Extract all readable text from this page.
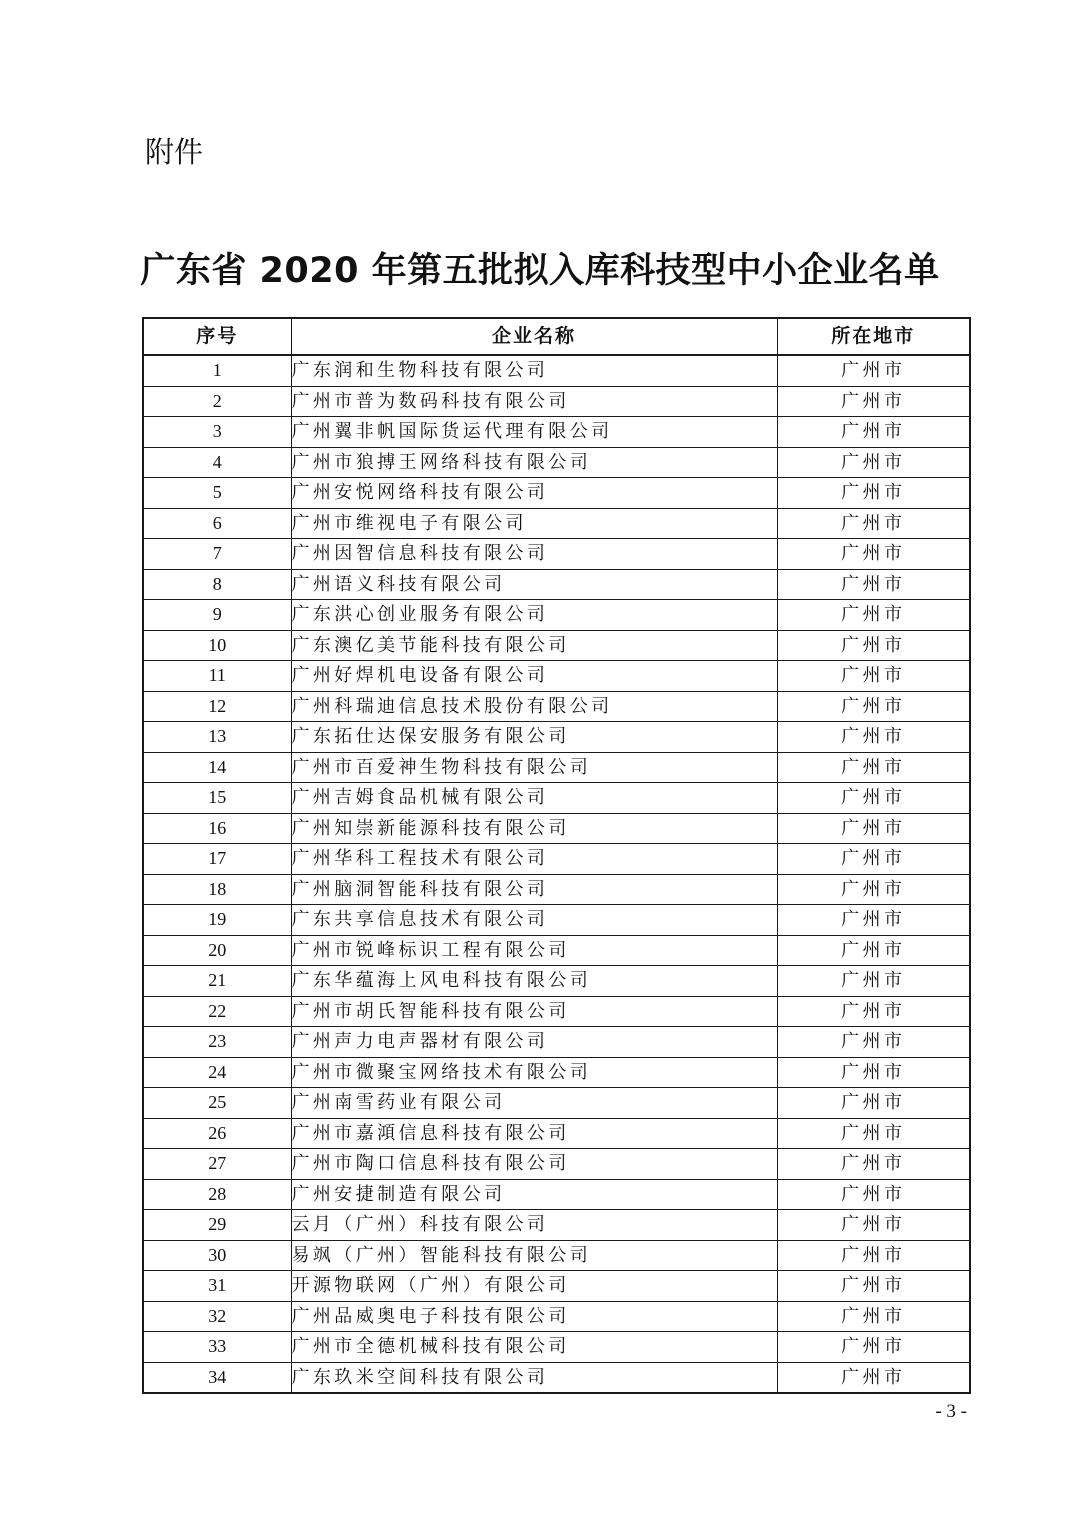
附件
广东省 2020 年第五批拟入库科技型中小企业名单
序号	企业名称	所在地市
1	广东润和生物科技有限公司	广州市
2	广州市普为数码科技有限公司	广州市
3	广州翼非帆国际货运代理有限公司	广州市
4	广州市狼搏王网络科技有限公司	广州市
5	广州安悦网络科技有限公司	广州市
6	广州市维视电子有限公司	广州市
7	广州因智信息科技有限公司	广州市
8	广州语义科技有限公司	广州市
9	广东洪心创业服务有限公司	广州市
10	广东澳亿美节能科技有限公司	广州市
11	广州好焊机电设备有限公司	广州市
12	广州科瑞迪信息技术股份有限公司	广州市
13	广东拓仕达保安服务有限公司	广州市
14	广州市百爱神生物科技有限公司	广州市
15	广州吉姆食品机械有限公司	广州市
16	广州知崇新能源科技有限公司	广州市
17	广州华科工程技术有限公司	广州市
18	广州脑洞智能科技有限公司	广州市
19	广东共享信息技术有限公司	广州市
20	广州市锐峰标识工程有限公司	广州市
21	广东华蕴海上风电科技有限公司	广州市
22	广州市胡氏智能科技有限公司	广州市
23	广州声力电声器材有限公司	广州市
24	广州市微聚宝网络技术有限公司	广州市
25	广州南雪药业有限公司	广州市
26	广州市嘉澒信息科技有限公司	广州市
27	广州市陶口信息科技有限公司	广州市
28	广州安捷制造有限公司	广州市
29	云月（广州）科技有限公司	广州市
30	易飒（广州）智能科技有限公司	广州市
31	开源物联网（广州）有限公司	广州市
32	广州品威奥电子科技有限公司	广州市
33	广州市全德机械科技有限公司	广州市
34	广东玖米空间科技有限公司	广州市
- 3 -
